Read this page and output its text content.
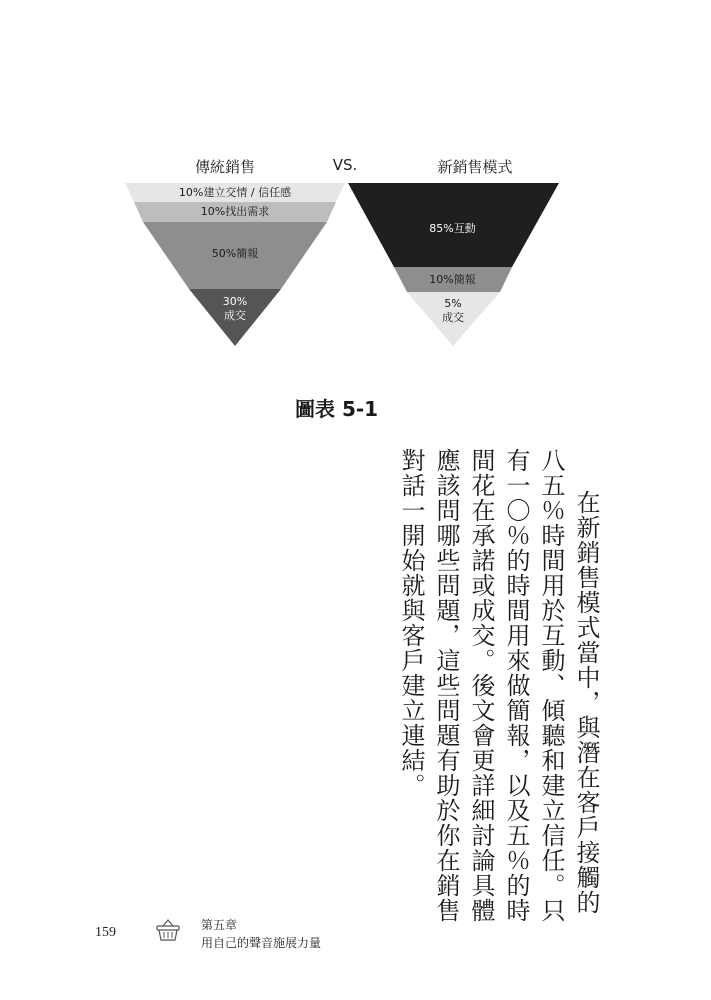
傳統銷售	VS.	新銷售模式
10%建立交情 / 信任感
10%找出需求
50%簡報
30%
成交
85%互動
10%簡報
5%
成交
圖表 5-1
在新銷售模式當中，與潛在客戶接觸的
八五％時間用於互動、傾聽和建立信任。只
有一〇％的時間用來做簡報，以及五％的時
間花在承諾或成交。後文會更詳細討論具體
應該問哪些問題，這些問題有助於你在銷售
對話一開始就與客戶建立連結。
159	第五章
用自己的聲音施展力量
